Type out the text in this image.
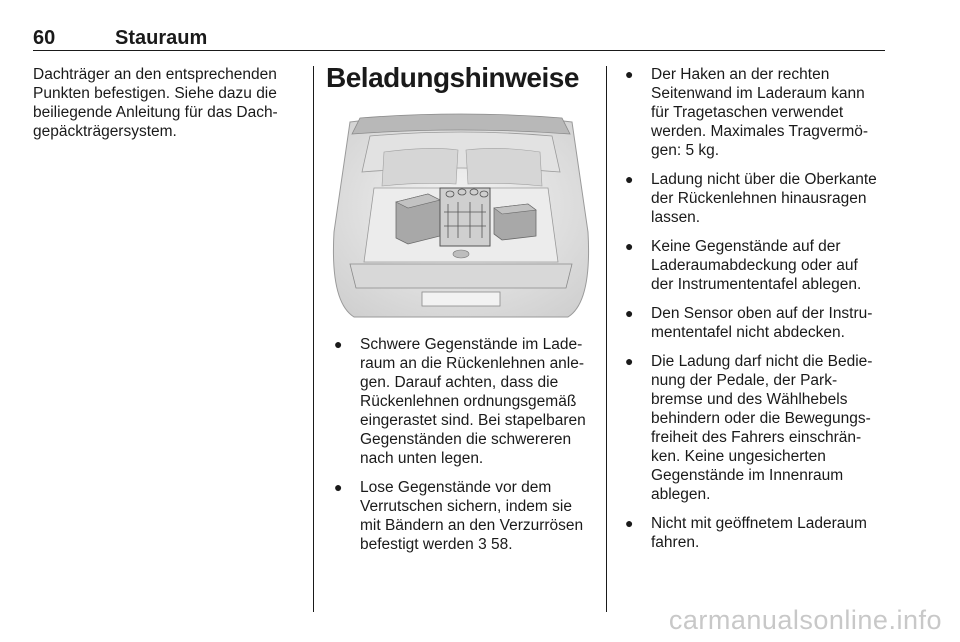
60	Stauraum

Dachträger an den entsprechenden

Punkten befestigen. Siehe dazu die

beiliegende Anleitung für das Dach-

gepäckträgersystem.

Beladungshinweise
● Schwere Gegenstände im Lade-

raum an die Rückenlehnen anle-

gen. Darauf achten, dass die

Rückenlehnen ordnungsgemäß

eingerastet sind. Bei stapelbaren

Gegenständen die schwereren

nach unten legen.

● Lose Gegenstände vor dem

Verrutschen sichern, indem sie

mit Bändern an den Verzurrösen

befestigt werden 3 58.

● Der Haken an der rechten

Seitenwand im Laderaum kann

für Tragetaschen verwendet

werden. Maximales Tragvermö-

gen: 5 kg.

● Ladung nicht über die Oberkante

der Rückenlehnen hinausragen

lassen.

● Keine Gegenstände auf der

Laderaumabdeckung oder auf

der Instrumententafel ablegen.

● Den Sensor oben auf der Instru-

mententafel nicht abdecken.

● Die Ladung darf nicht die Bedie-

nung der Pedale, der Park-

bremse und des Wählhebels

behindern oder die Bewegungs-

freiheit des Fahrers einschrän-

ken. Keine ungesicherten

Gegenstände im Innenraum

ablegen.

● Nicht mit geöffnetem Laderaum

fahren.

carmanualsonline.info
